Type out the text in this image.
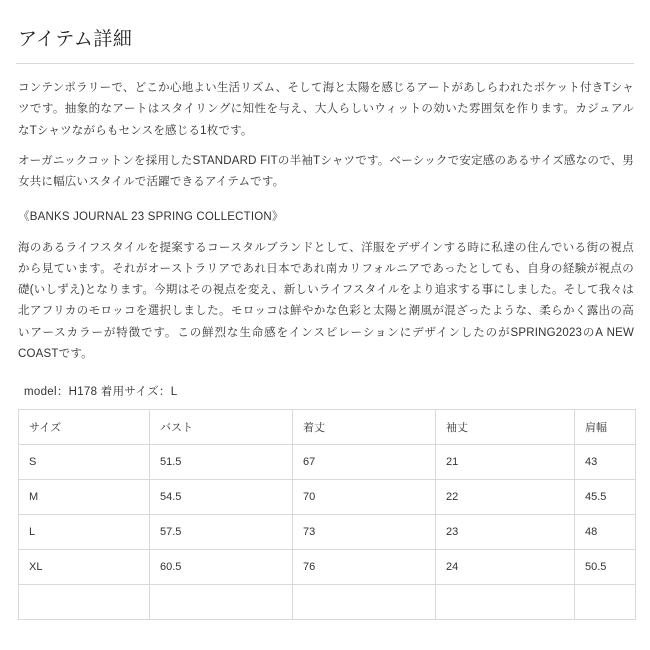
アイテム詳細

コンテンポラリーで、どこか心地よい生活リズム、そして海と太陽を感じるアートがあしらわれたポケット付きTシャツです。抽象的なアートはスタイリングに知性を与え、大人らしいウィットの効いた雰囲気を作ります。カジュアルなTシャツながらもセンスを感じる1枚です。

オーガニックコットンを採用したSTANDARD FITの半袖Tシャツです。ベーシックで安定感のあるサイズ感なので、男女共に幅広いスタイルで活躍できるアイテムです。

《BANKS JOURNAL 23 SPRING COLLECTION》

海のあるライフスタイルを提案するコースタルブランドとして、洋服をデザインする時に私達の住んでいる街の視点から見ています。それがオーストラリアであれ日本であれ南カリフォルニアであったとしても、自身の経験が視点の礎(いしずえ)となります。今期はその視点を変え、新しいライフスタイルをより追求する事にしました。そして我々は北アフリカのモロッコを選択しました。モロッコは鮮やかな色彩と太陽と潮風が混ざったような、柔らかく露出の高いアースカラーが特徴です。この鮮烈な生命感をインスピレーションにデザインしたのがSPRING2023のA NEW COASTです。

model：H178 着用サイズ：L
サイズ	バスト	着丈	袖丈	肩幅
S	51.5	67	21	43
M	54.5	70	22	45.5
L	57.5	73	23	48
XL	60.5	76	24	50.5
